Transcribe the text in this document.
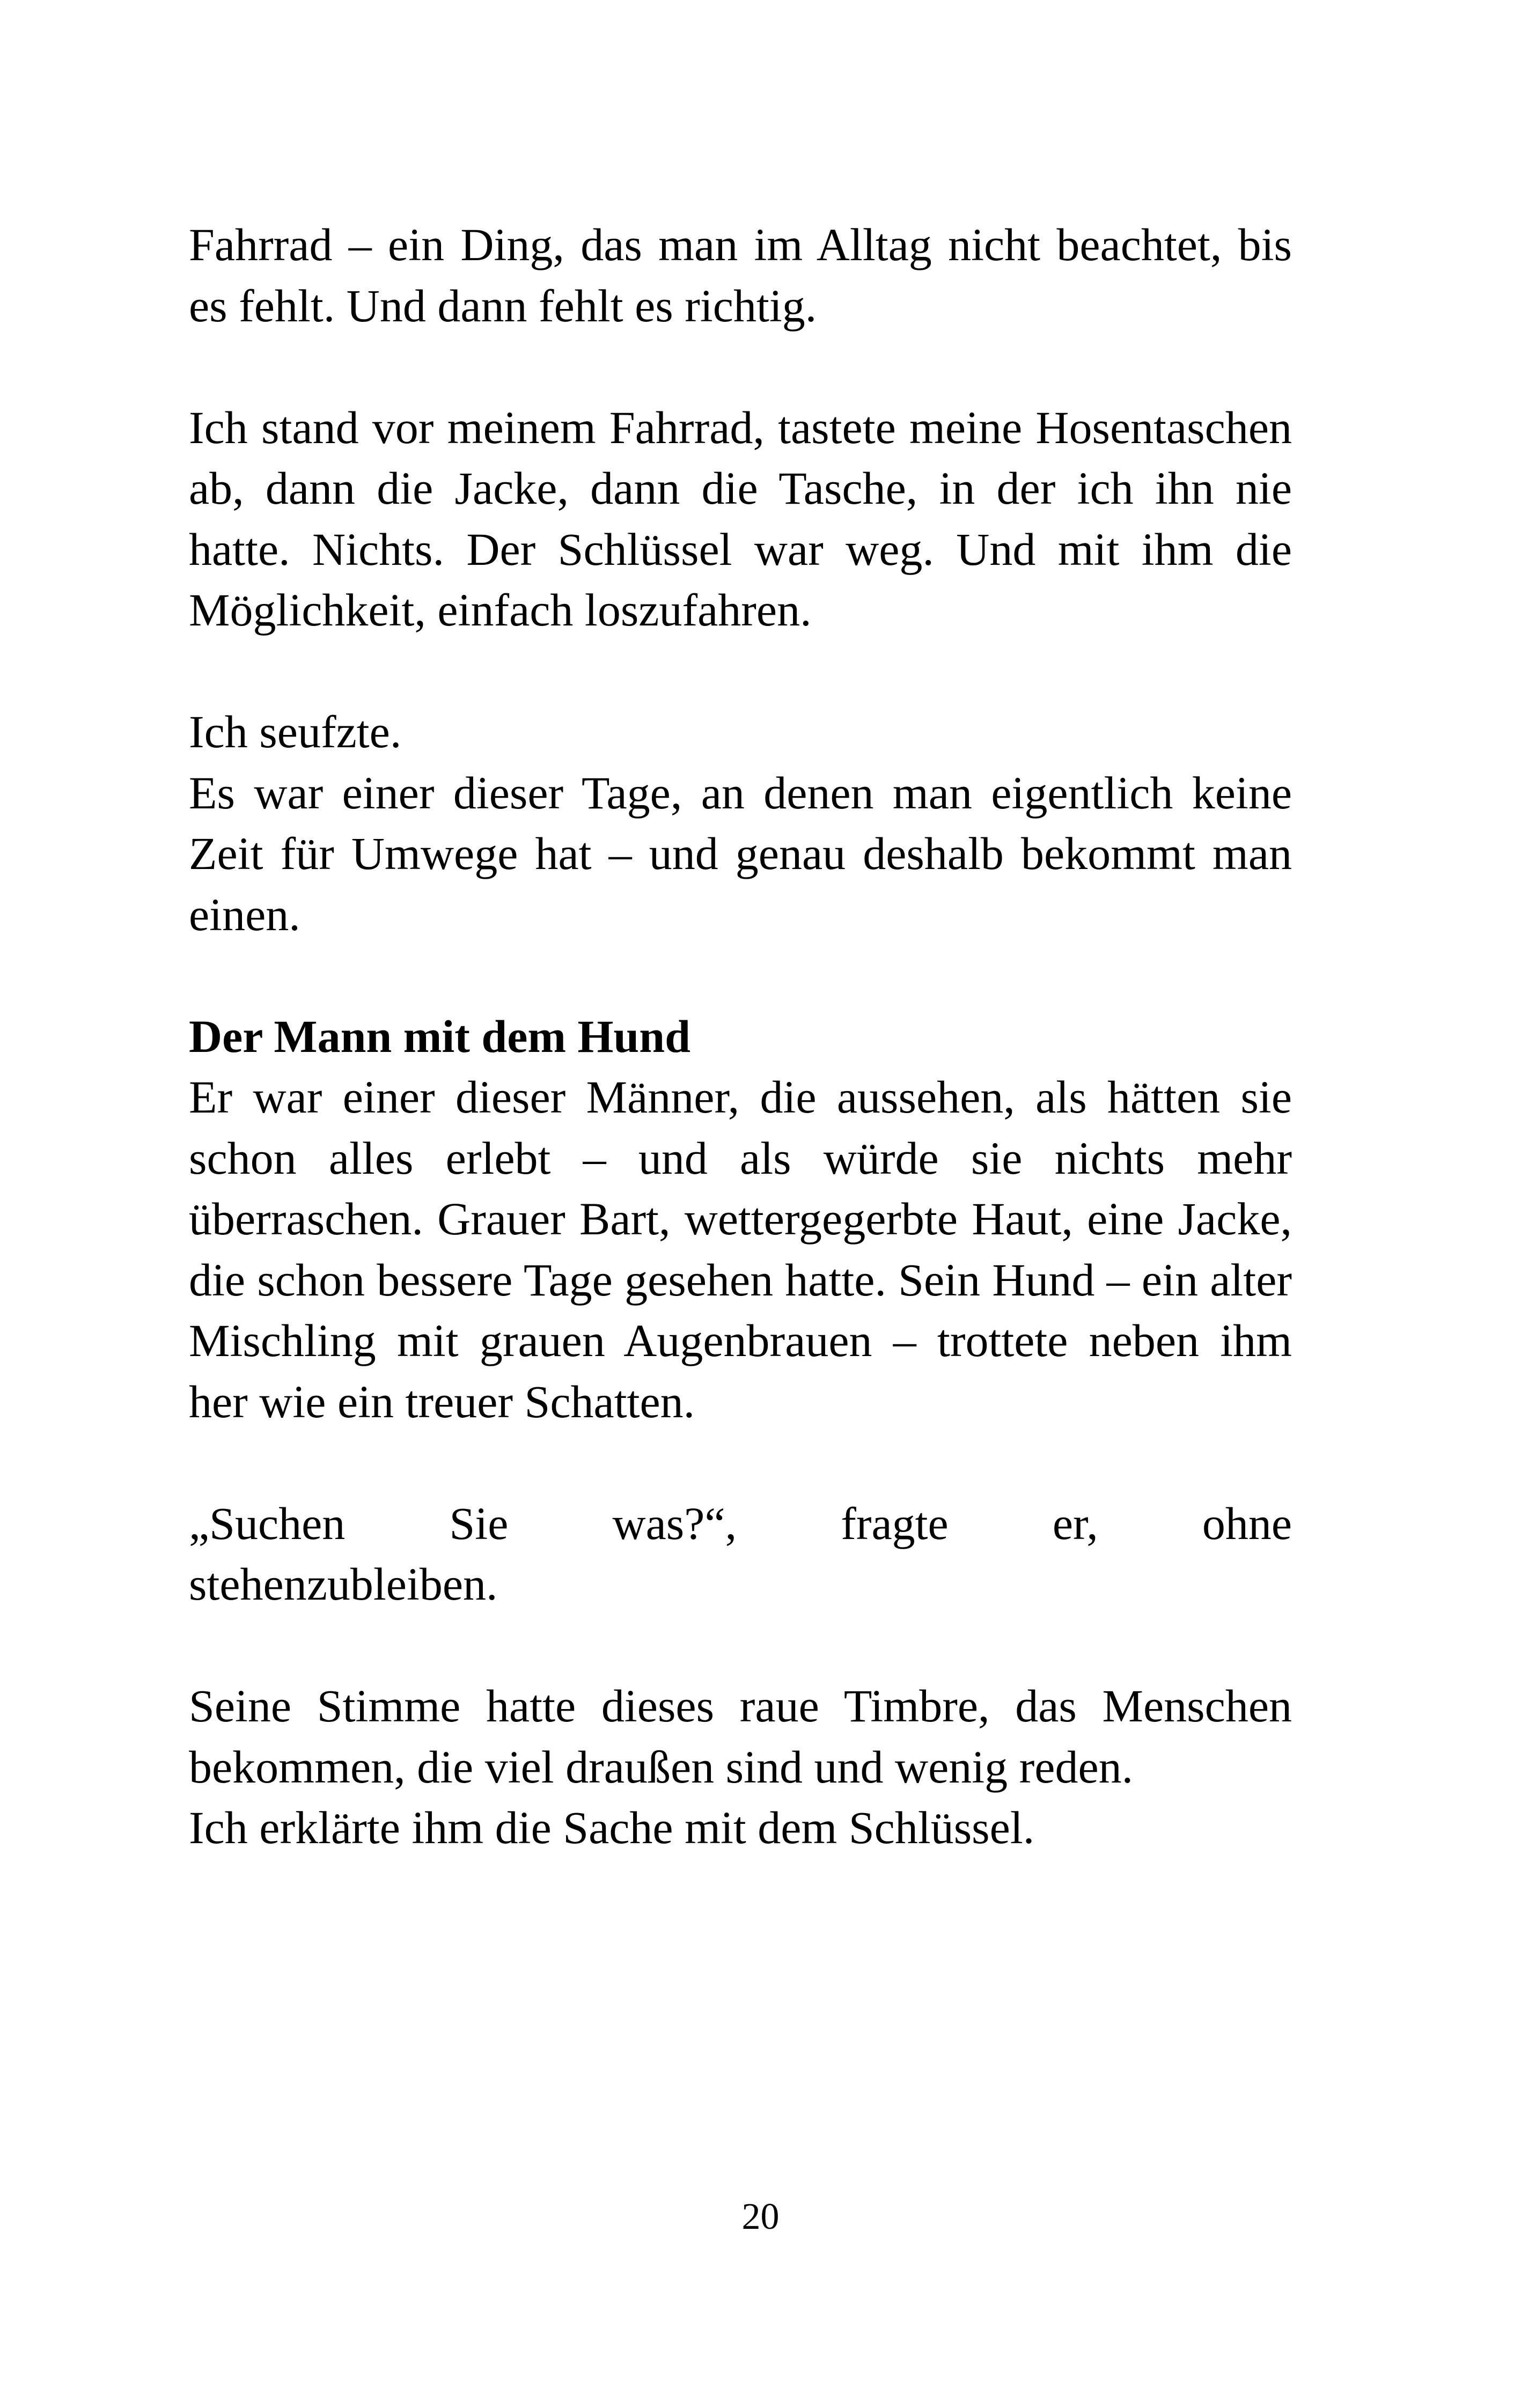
Fahrrad – ein Ding, das man im Alltag nicht beachtet, bis es fehlt. Und dann fehlt es richtig.

Ich stand vor meinem Fahrrad, tastete meine Hosentaschen ab, dann die Jacke, dann die Tasche, in der ich ihn nie hatte. Nichts. Der Schlüssel war weg. Und mit ihm die Möglichkeit, einfach loszufahren.

Ich seufzte.

Es war einer dieser Tage, an denen man eigentlich keine Zeit für Umwege hat – und genau deshalb bekommt man einen.

Der Mann mit dem Hund

Er war einer dieser Männer, die aussehen, als hätten sie schon alles erlebt – und als würde sie nichts mehr überraschen. Grauer Bart, wettergegerbte Haut, eine Jacke, die schon bessere Tage gesehen hatte. Sein Hund – ein alter Mischling mit grauen Augenbrauen – trottete neben ihm her wie ein treuer Schatten.

„Suchen Sie was?“, fragte er, ohne

stehenzubleiben.

Seine Stimme hatte dieses raue Timbre, das Menschen bekommen, die viel draußen sind und wenig reden.

Ich erklärte ihm die Sache mit dem Schlüssel.

20
